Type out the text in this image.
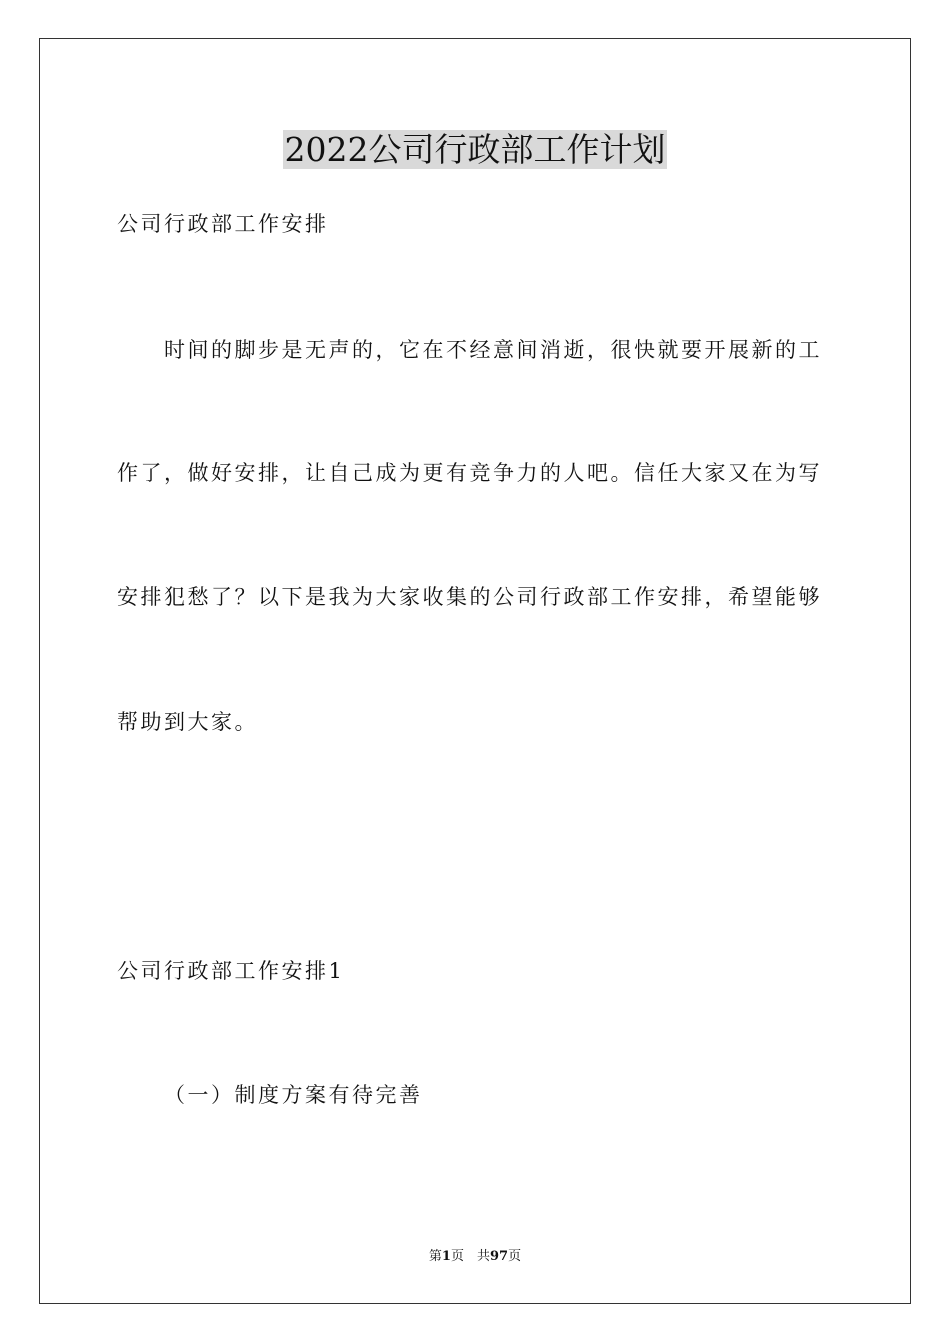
2022公司行政部工作计划
公司行政部工作安排
时间的脚步是无声的，它在不经意间消逝，很快就要开展新的工
作了，做好安排，让自己成为更有竞争力的人吧。信任大家又在为写
安排犯愁了？以下是我为大家收集的公司行政部工作安排，希望能够
帮助到大家。
公司行政部工作安排1
（一）制度方案有待完善
第1页　共97页
